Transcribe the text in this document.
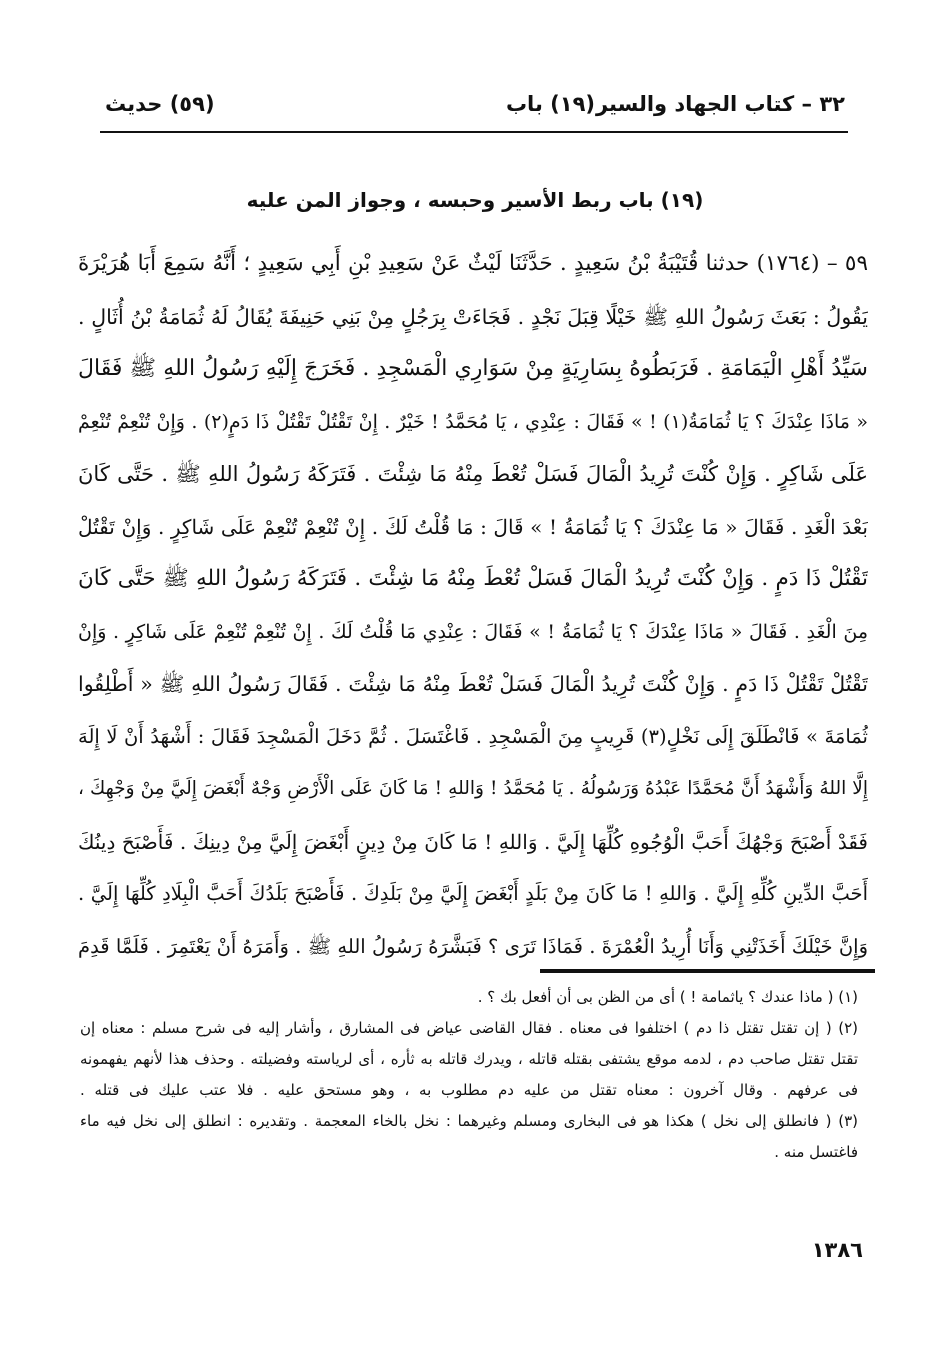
٣٢ – كتاب الجهاد والسير
(١٩) باب
(٥٩) حديث
(١٩) باب ربط الأسير وحبسه ، وجواز المن عليه
٥٩ – (١٧٦٤) حدثنا قُتَيْبَةُ بْنُ سَعِيدٍ . حَدَّثَنَا لَيْثٌ عَنْ سَعِيدِ بْنِ أَبِي سَعِيدٍ ؛ أَنَّهُ سَمِعَ أَبَا هُرَيْرَةَ
يَقُولُ : بَعَثَ رَسُولُ اللهِ ﷺ خَيْلًا قِبَلَ نَجْدٍ . فَجَاءَتْ بِرَجُلٍ مِنْ بَنِي حَنِيفَةَ يُقَالُ لَهُ ثُمَامَةُ بْنُ أُثَالٍ .
سَيِّدُ أَهْلِ الْيَمَامَةِ . فَرَبَطُوهُ بِسَارِيَةٍ مِنْ سَوَارِي الْمَسْجِدِ . فَخَرَجَ إِلَيْهِ رَسُولُ اللهِ ﷺ فَقَالَ
« مَاذَا عِنْدَكَ ؟ يَا ثُمَامَةُ(١) ! » فَقَالَ : عِنْدِي ، يَا مُحَمَّدُ ! خَيْرٌ . إِنْ تَقْتُلْ تَقْتُلْ ذَا دَمٍ(٢) . وَإِنْ تُنْعِمْ تُنْعِمْ
عَلَى شَاكِرٍ . وَإِنْ كُنْتَ تُرِيدُ الْمَالَ فَسَلْ تُعْطَ مِنْهُ مَا شِئْتَ . فَتَرَكَهُ رَسُولُ اللهِ ﷺ . حَتَّى كَانَ
بَعْدَ الْغَدِ . فَقَالَ « مَا عِنْدَكَ ؟ يَا ثُمَامَةُ ! » قَالَ : مَا قُلْتُ لَكَ . إِنْ تُنْعِمْ تُنْعِمْ عَلَى شَاكِرٍ . وَإِنْ تَقْتُلْ
تَقْتُلْ ذَا دَمٍ . وَإِنْ كُنْتَ تُرِيدُ الْمَالَ فَسَلْ تُعْطَ مِنْهُ مَا شِئْتَ . فَتَرَكَهُ رَسُولُ اللهِ ﷺ حَتَّى كَانَ
مِنَ الْغَدِ . فَقَالَ « مَاذَا عِنْدَكَ ؟ يَا ثُمَامَةُ ! » فَقَالَ : عِنْدِي مَا قُلْتُ لَكَ . إِنْ تُنْعِمْ تُنْعِمْ عَلَى شَاكِرٍ . وَإِنْ
تَقْتُلْ تَقْتُلْ ذَا دَمٍ . وَإِنْ كُنْتَ تُرِيدُ الْمَالَ فَسَلْ تُعْطَ مِنْهُ مَا شِئْتَ . فَقَالَ رَسُولُ اللهِ ﷺ « أَطْلِقُوا
ثُمَامَةَ » فَانْطَلَقَ إِلَى نَخْلٍ(٣) قَرِيبٍ مِنَ الْمَسْجِدِ . فَاغْتَسَلَ . ثُمَّ دَخَلَ الْمَسْجِدَ فَقَالَ : أَشْهَدُ أَنْ لَا إِلَهَ
إِلَّا اللهُ وَأَشْهَدُ أَنَّ مُحَمَّدًا عَبْدُهُ وَرَسُولُهُ . يَا مُحَمَّدُ ! وَاللهِ ! مَا كَانَ عَلَى الْأَرْضِ وَجْهٌ أَبْغَضَ إِلَيَّ مِنْ وَجْهِكَ ،
فَقَدْ أَصْبَحَ وَجْهُكَ أَحَبَّ الْوُجُوهِ كُلِّهَا إِلَيَّ . وَاللهِ ! مَا كَانَ مِنْ دِينٍ أَبْغَضَ إِلَيَّ مِنْ دِينِكَ . فَأَصْبَحَ دِينُكَ
أَحَبَّ الدِّينِ كُلِّهِ إِلَيَّ . وَاللهِ ! مَا كَانَ مِنْ بَلَدٍ أَبْغَضَ إِلَيَّ مِنْ بَلَدِكَ . فَأَصْبَحَ بَلَدُكَ أَحَبَّ الْبِلَادِ كُلِّهَا إِلَيَّ .
وَإِنَّ خَيْلَكَ أَخَذَتْنِي وَأَنَا أُرِيدُ الْعُمْرَةَ . فَمَاذَا تَرَى ؟ فَبَشَّرَهُ رَسُولُ اللهِ ﷺ . وَأَمَرَهُ أَنْ يَعْتَمِرَ . فَلَمَّا قَدِمَ
(١) ( ماذا عندك ؟ ياثمامة ! ) أى من الظن بى أن أفعل بك ؟ .
(٢) ( إن تقتل تقتل ذا دم ) اختلفوا فى معناه . فقال القاضى عياض فى المشارق ، وأشار إليه فى شرح مسلم : معناه إن
تقتل تقتل صاحب دم ، لدمه موقع يشتفى بقتله قاتله ، ويدرك قاتله به ثأره ، أى لرياسته وفضيلته . وحذف هذا لأنهم يفهمونه
فى عرفهم . وقال آخرون : معناه تقتل من عليه دم مطلوب به ، وهو مستحق عليه . فلا عتب عليك فى قتله .
(٣) ( فانطلق إلى نخل ) هكذا هو فى البخارى ومسلم وغيرهما : نخل بالخاء المعجمة . وتقديره : انطلق إلى نخل فيه ماء
فاغتسل منه .
١٣٨٦
